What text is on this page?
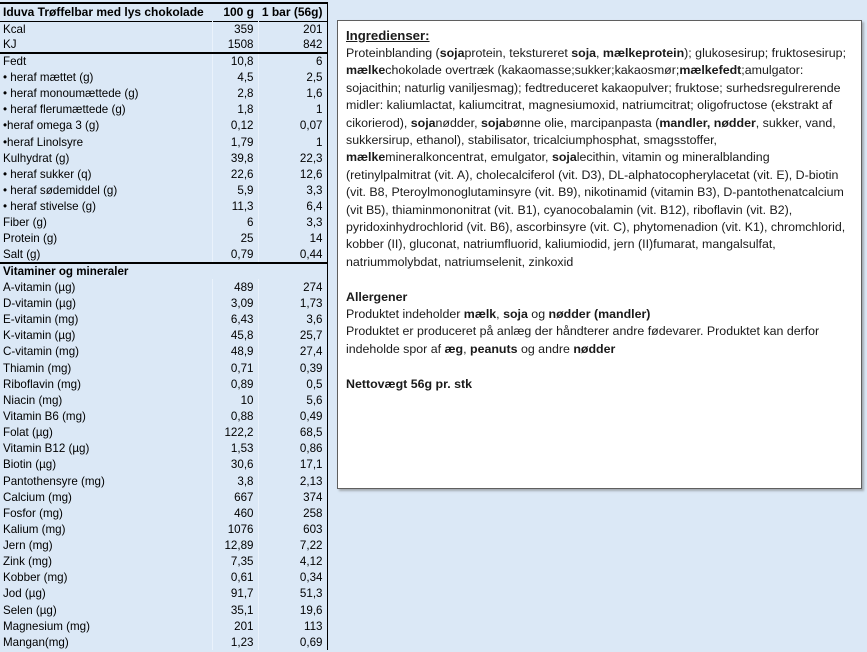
Iduva Trøffelbar med lys chokolade	100 g	1 bar (56g)
Kcal	359	201
KJ	1508	842
Fedt	10,8	6
• heraf mættet (g)	4,5	2,5
• heraf monoumættede (g)	2,8	1,6
• heraf flerumættede (g)	1,8	1
•heraf omega 3 (g)	0,12	0,07
•heraf Linolsyre	1,79	1
Kulhydrat (g)	39,8	22,3
• heraf sukker (q)	22,6	12,6
• heraf sødemiddel (g)	5,9	3,3
• heraf stivelse (g)	11,3	6,4
Fiber (g)	6	3,3
Protein (g)	25	14
Salt (g)	0,79	0,44
Vitaminer og mineraler		
A-vitamin (µg)	489	274
D-vitamin (µg)	3,09	1,73
E-vitamin (mg)	6,43	3,6
K-vitamin (µg)	45,8	25,7
C-vitamin (mg)	48,9	27,4
Thiamin (mg)	0,71	0,39
Riboflavin (mg)	0,89	0,5
Niacin (mg)	10	5,6
Vitamin B6 (mg)	0,88	0,49
Folat (µg)	122,2	68,5
Vitamin B12 (µg)	1,53	0,86
Biotin (µg)	30,6	17,1
Pantothensyre (mg)	3,8	2,13
Calcium (mg)	667	374
Fosfor (mg)	460	258
Kalium (mg)	1076	603
Jern (mg)	12,89	7,22
Zink (mg)	7,35	4,12
Kobber (mg)	0,61	0,34
Jod (µg)	91,7	51,3
Selen (µg)	35,1	19,6
Magnesium (mg)	201	113
Mangan(mg)	1,23	0,69
Ingredienser:
Proteinblanding (sojaprotein, tekstureret soja, mælkeprotein); glukosesirup; fruktosesirup; mælkechokolade overtræk (kakaomasse;sukker;kakaosmør;mælkefedt;amulgator: sojacithin; naturlig vaniljesmag); fedtreduceret kakaopulver; fruktose; surhedsregulrerende midler: kaliumlactat, kaliumcitrat, magnesiumoxid, natriumcitrat; oligofructose (ekstrakt af cikorierod), sojanødder, sojabønne olie, marcipanpasta (mandler, nødder, sukker, vand, sukkersirup, ethanol), stabilisator, tricalciumphosphat, smagsstoffer, mælkemineralkoncentrat, emulgator, sojalecithin, vitamin og mineralblanding (retinylpalmitrat (vit. A), cholecalciferol (vit. D3), DL-alphatocopherylacetat (vit. E), D-biotin (vit. B8, Pteroylmonoglutaminsyre (vit. B9), nikotinamid (vitamin B3), D-pantothenatcalcium (vit B5), thiaminmononitrat (vit. B1), cyanocobalamin (vit. B12), riboflavin (vit. B2), pyridoxinhydrochlorid (vit. B6), ascorbinsyre (vit. C), phytomenadion (vit. K1), chromchlorid, kobber (II), gluconat, natriumfluorid, kaliumiodid, jern (II)fumarat, mangalsulfat, natriummolybdat, natriumselenit, zinkoxid
Allergener
Produktet indeholder mælk, soja og nødder (mandler)
Produktet er produceret på anlæg der håndterer andre fødevarer. Produktet kan derfor indeholde spor af æg, peanuts og andre nødder
Nettovægt 56g pr. stk
